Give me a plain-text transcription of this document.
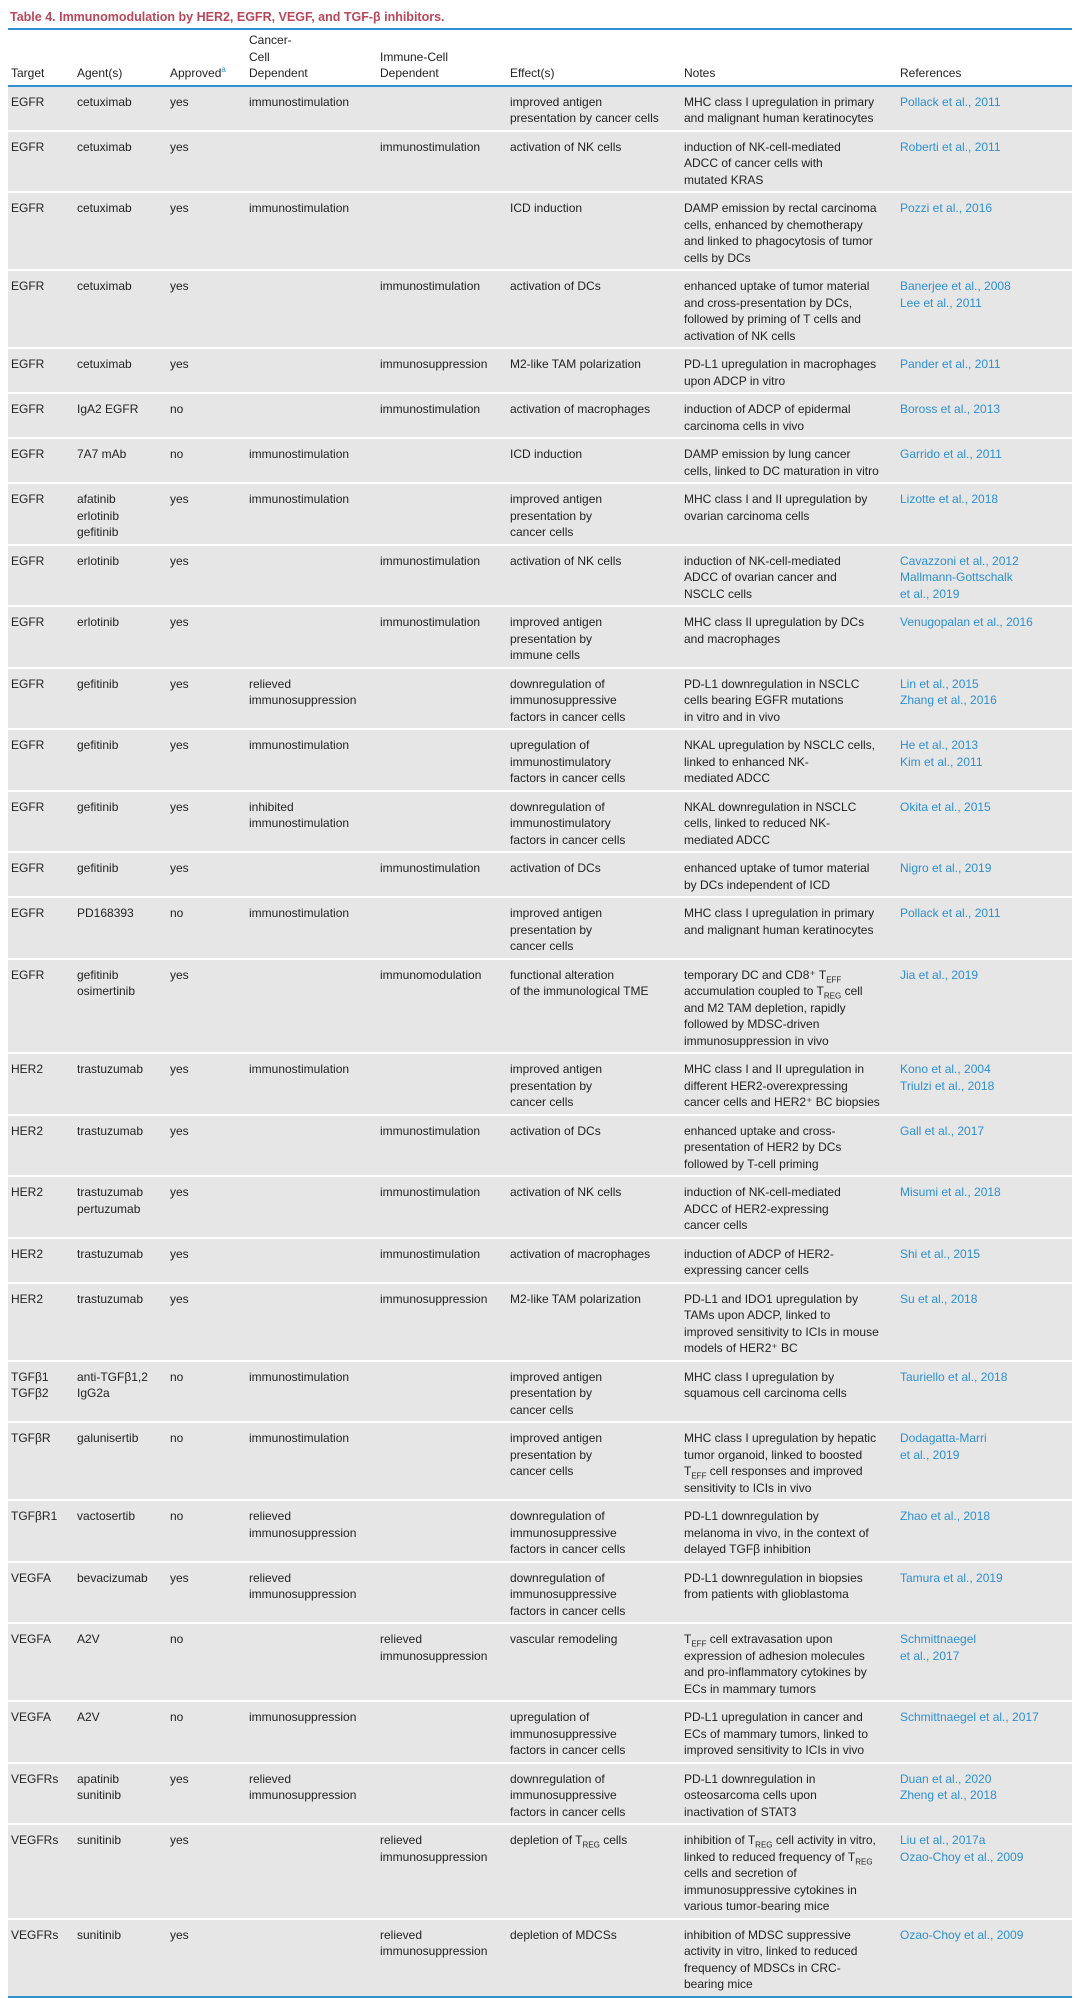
Table 4. Immunomodulation by HER2, EGFR, VEGF, and TGF-β inhibitors.
Target	Agent(s)	Approved$^a$	Cancer-
Cell
Dependent	Immune-Cell
Dependent	Effect(s)	Notes	References
EGFR	cetuximab	yes	immunostimulation		improved antigen
presentation by cancer cells	MHC class I upregulation in primary
and malignant human keratinocytes	Pollack et al., 2011
EGFR	cetuximab	yes		immunostimulation	activation of NK cells	induction of NK-cell-mediated
ADCC of cancer cells with
mutated KRAS	Roberti et al., 2011
EGFR	cetuximab	yes	immunostimulation		ICD induction	DAMP emission by rectal carcinoma
cells, enhanced by chemotherapy
and linked to phagocytosis of tumor
cells by DCs	Pozzi et al., 2016
EGFR	cetuximab	yes		immunostimulation	activation of DCs	enhanced uptake of tumor material
and cross-presentation by DCs,
followed by priming of T cells and
activation of NK cells	Banerjee et al., 2008
Lee et al., 2011
EGFR	cetuximab	yes		immunosuppression	M2-like TAM polarization	PD-L1 upregulation in macrophages
upon ADCP in vitro	Pander et al., 2011
EGFR	IgA2 EGFR	no		immunostimulation	activation of macrophages	induction of ADCP of epidermal
carcinoma cells in vivo	Boross et al., 2013
EGFR	7A7 mAb	no	immunostimulation		ICD induction	DAMP emission by lung cancer
cells, linked to DC maturation in vitro	Garrido et al., 2011
EGFR	afatinib
erlotinib
gefitinib	yes	immunostimulation		improved antigen
presentation by
cancer cells	MHC class I and II upregulation by
ovarian carcinoma cells	Lizotte et al., 2018
EGFR	erlotinib	yes		immunostimulation	activation of NK cells	induction of NK-cell-mediated
ADCC of ovarian cancer and
NSCLC cells	Cavazzoni et al., 2012
Mallmann-Gottschalk
et al., 2019
EGFR	erlotinib	yes		immunostimulation	improved antigen
presentation by
immune cells	MHC class II upregulation by DCs
and macrophages	Venugopalan et al., 2016
EGFR	gefitinib	yes	relieved
immunosuppression		downregulation of
immunosuppressive
factors in cancer cells	PD-L1 downregulation in NSCLC
cells bearing EGFR mutations
in vitro and in vivo	Lin et al., 2015
Zhang et al., 2016
EGFR	gefitinib	yes	immunostimulation		upregulation of
immunostimulatory
factors in cancer cells	NKAL upregulation by NSCLC cells,
linked to enhanced NK-
mediated ADCC	He et al., 2013
Kim et al., 2011
EGFR	gefitinib	yes	inhibited
immunostimulation		downregulation of
immunostimulatory
factors in cancer cells	NKAL downregulation in NSCLC
cells, linked to reduced NK-
mediated ADCC	Okita et al., 2015
EGFR	gefitinib	yes		immunostimulation	activation of DCs	enhanced uptake of tumor material
by DCs independent of ICD	Nigro et al., 2019
EGFR	PD168393	no	immunostimulation		improved antigen
presentation by
cancer cells	MHC class I upregulation in primary
and malignant human keratinocytes	Pollack et al., 2011
EGFR	gefitinib
osimertinib	yes		immunomodulation	functional alteration
of the immunological TME	temporary DC and CD8⁺ $T_{EFF}$
accumulation coupled to $T_{REG}$ cell
and M2 TAM depletion, rapidly
followed by MDSC-driven
immunosuppression in vivo	Jia et al., 2019
HER2	trastuzumab	yes	immunostimulation		improved antigen
presentation by
cancer cells	MHC class I and II upregulation in
different HER2-overexpressing
cancer cells and HER2⁺ BC biopsies	Kono et al., 2004
Triulzi et al., 2018
HER2	trastuzumab	yes		immunostimulation	activation of DCs	enhanced uptake and cross-
presentation of HER2 by DCs
followed by T-cell priming	Gall et al., 2017
HER2	trastuzumab
pertuzumab	yes		immunostimulation	activation of NK cells	induction of NK-cell-mediated
ADCC of HER2-expressing
cancer cells	Misumi et al., 2018
HER2	trastuzumab	yes		immunostimulation	activation of macrophages	induction of ADCP of HER2-
expressing cancer cells	Shi et al., 2015
HER2	trastuzumab	yes		immunosuppression	M2-like TAM polarization	PD-L1 and IDO1 upregulation by
TAMs upon ADCP, linked to
improved sensitivity to ICIs in mouse
models of HER2⁺ BC	Su et al., 2018
TGFβ1
TGFβ2	anti-TGFβ1,2
IgG2a	no	immunostimulation		improved antigen
presentation by
cancer cells	MHC class I upregulation by
squamous cell carcinoma cells	Tauriello et al., 2018
TGFβR	galunisertib	no	immunostimulation		improved antigen
presentation by
cancer cells	MHC class I upregulation by hepatic
tumor organoid, linked to boosted
$T_{EFF}$ cell responses and improved
sensitivity to ICIs in vivo	Dodagatta-Marri
et al., 2019
TGFβR1	vactosertib	no	relieved
immunosuppression		downregulation of
immunosuppressive
factors in cancer cells	PD-L1 downregulation by
melanoma in vivo, in the context of
delayed TGFβ inhibition	Zhao et al., 2018
VEGFA	bevacizumab	yes	relieved
immunosuppression		downregulation of
immunosuppressive
factors in cancer cells	PD-L1 downregulation in biopsies
from patients with glioblastoma	Tamura et al., 2019
VEGFA	A2V	no		relieved
immunosuppression	vascular remodeling	$T_{EFF}$ cell extravasation upon
expression of adhesion molecules
and pro-inflammatory cytokines by
ECs in mammary tumors	Schmittnaegel
et al., 2017
VEGFA	A2V	no	immunosuppression		upregulation of
immunosuppressive
factors in cancer cells	PD-L1 upregulation in cancer and
ECs of mammary tumors, linked to
improved sensitivity to ICIs in vivo	Schmittnaegel et al., 2017
VEGFRs	apatinib
sunitinib	yes	relieved
immunosuppression		downregulation of
immunosuppressive
factors in cancer cells	PD-L1 downregulation in
osteosarcoma cells upon
inactivation of STAT3	Duan et al., 2020
Zheng et al., 2018
VEGFRs	sunitinib	yes		relieved
immunosuppression	depletion of $T_{REG}$ cells	inhibition of $T_{REG}$ cell activity in vitro,
linked to reduced frequency of $T_{REG}$
cells and secretion of
immunosuppressive cytokines in
various tumor-bearing mice	Liu et al., 2017a
Ozao-Choy et al., 2009
VEGFRs	sunitinib	yes		relieved
immunosuppression	depletion of MDCSs	inhibition of MDSC suppressive
activity in vitro, linked to reduced
frequency of MDSCs in CRC-
bearing mice	Ozao-Choy et al., 2009
